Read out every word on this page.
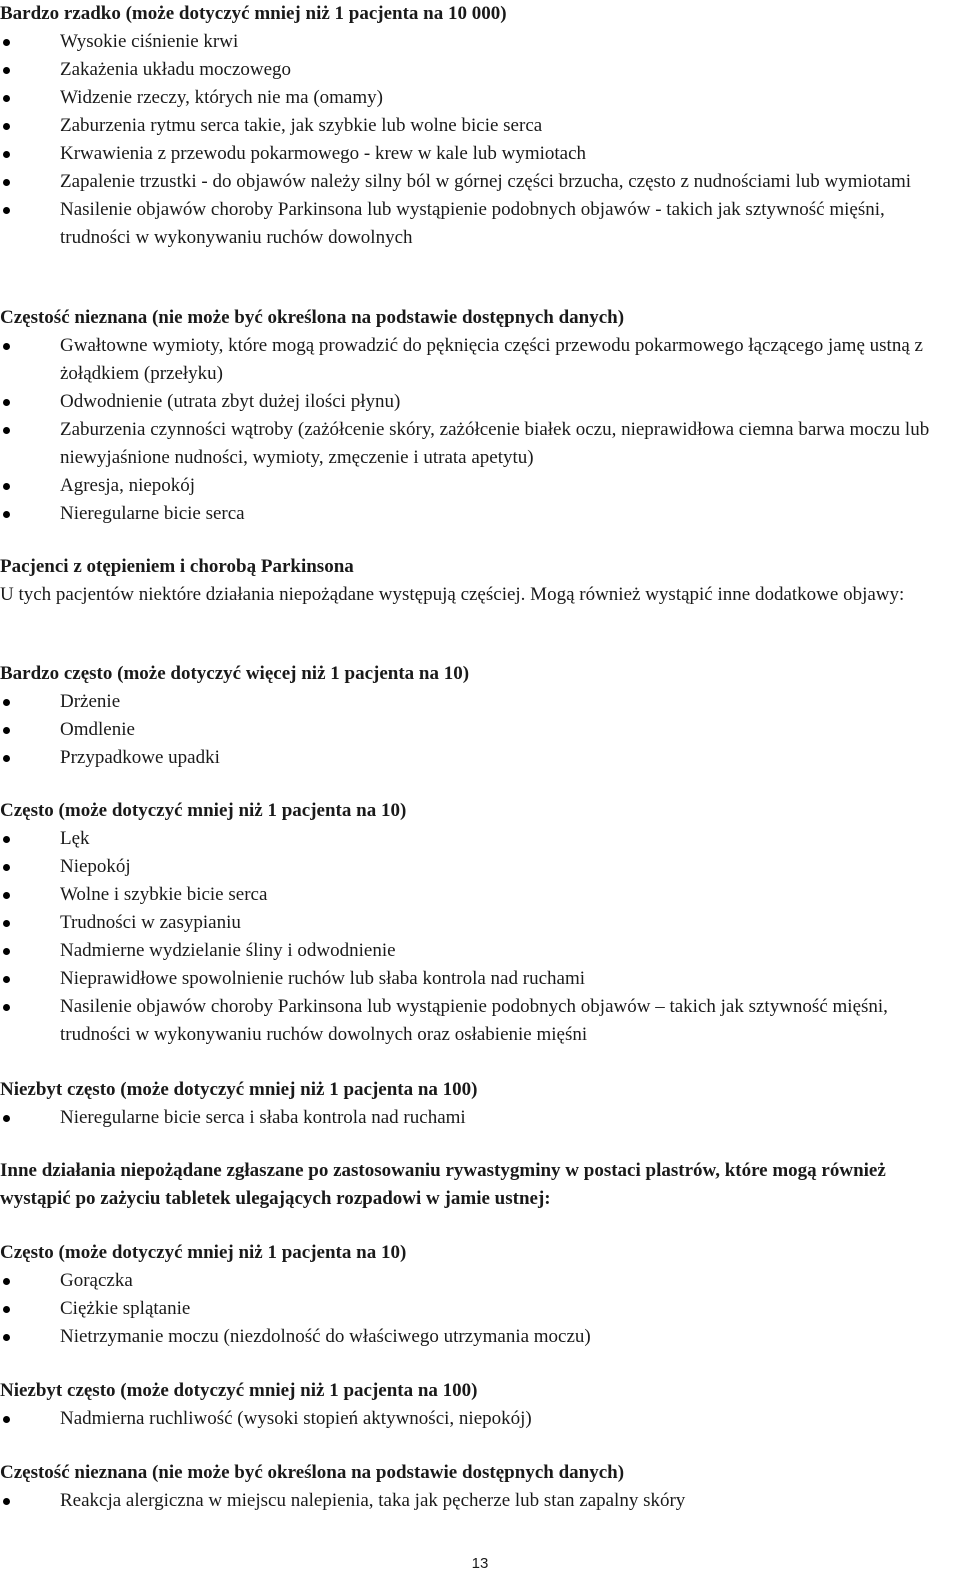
Bardzo rzadko (może dotyczyć mniej niż 1 pacjenta na 10 000)
Wysokie ciśnienie krwi
Zakażenia układu moczowego
Widzenie rzeczy, których nie ma (omamy)
Zaburzenia rytmu serca takie, jak szybkie lub wolne bicie serca
Krwawienia z przewodu pokarmowego - krew w kale lub wymiotach
Zapalenie trzustki - do objawów należy silny ból w górnej części brzucha, często z nudnościami lub wymiotami
Nasilenie objawów choroby Parkinsona lub wystąpienie podobnych objawów - takich jak sztywność mięśni, trudności w wykonywaniu ruchów dowolnych
Częstość nieznana (nie może być określona na podstawie dostępnych danych)
Gwałtowne wymioty, które mogą prowadzić do pęknięcia części przewodu pokarmowego łączącego jamę ustną z żołądkiem (przełyku)
Odwodnienie (utrata zbyt dużej ilości płynu)
Zaburzenia czynności wątroby (zażółcenie skóry, zażółcenie białek oczu, nieprawidłowa ciemna barwa moczu lub niewyjaśnione nudności, wymioty, zmęczenie i utrata apetytu)
Agresja, niepokój
Nieregularne bicie serca
Pacjenci z otępieniem i chorobą Parkinsona
U tych pacjentów niektóre działania niepożądane występują częściej. Mogą również wystąpić inne dodatkowe objawy:
Bardzo często (może dotyczyć więcej niż 1 pacjenta na 10)
Drżenie
Omdlenie
Przypadkowe upadki
Często (może dotyczyć mniej niż 1 pacjenta na 10)
Lęk
Niepokój
Wolne i szybkie bicie serca
Trudności w zasypianiu
Nadmierne wydzielanie śliny i odwodnienie
Nieprawidłowe spowolnienie ruchów lub słaba kontrola nad ruchami
Nasilenie objawów choroby Parkinsona lub wystąpienie podobnych objawów – takich jak sztywność mięśni, trudności w wykonywaniu ruchów dowolnych oraz osłabienie mięśni
Niezbyt często (może dotyczyć mniej niż 1 pacjenta na 100)
Nieregularne bicie serca i słaba kontrola nad ruchami
Inne działania niepożądane zgłaszane po zastosowaniu rywastygminy w postaci plastrów, które mogą również wystąpić po zażyciu tabletek ulegających rozpadowi w jamie ustnej:
Często (może dotyczyć mniej niż 1 pacjenta na 10)
Gorączka
Ciężkie splątanie
Nietrzymanie moczu (niezdolność do właściwego utrzymania moczu)
Niezbyt często (może dotyczyć mniej niż 1 pacjenta na 100)
Nadmierna ruchliwość (wysoki stopień aktywności, niepokój)
Częstość nieznana (nie może być określona na podstawie dostępnych danych)
Reakcja alergiczna w miejscu nalepienia, taka jak pęcherze lub stan zapalny skóry
13
